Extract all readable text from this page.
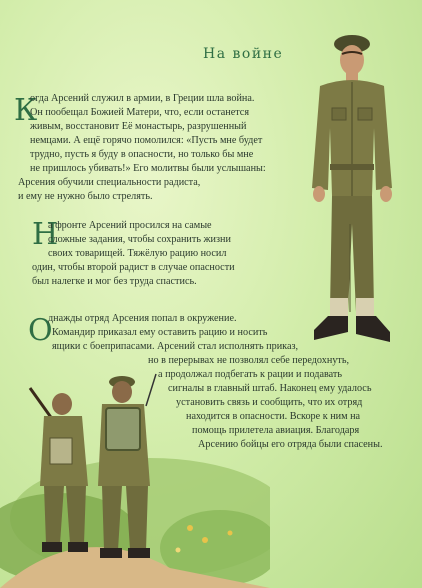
На войне
К
огда Арсений служил в армии, в Греции шла война.
Он пообещал Божией Матери, что, если останется
живым, восстановит Её монастырь, разрушенный
немцами. А ещё горячо помолился: «Пусть мне будет
трудно, пусть я буду в опасности, но только бы мне
не пришлось убивать!» Его молитвы были услышаны:
Арсения обучили специальности радиста,
и ему не нужно было стрелять.
Н
а фронте Арсений просился на самые
сложные задания, чтобы сохранить жизни
своих товарищей. Тяжёлую рацию носил
один, чтобы второй радист в случае опасности
был налегке и мог без труда спастись.
О
днажды отряд Арсения попал в окружение.
Командир приказал ему оставить рацию и носить
ящики с боеприпасами. Арсений стал исполнять приказ,
но в перерывах не позволял себе передохнуть,
а продолжал подбегать к рации и подавать
сигналы в главный штаб. Наконец ему удалось
установить связь и сообщить, что их отряд
находится в опасности. Вскоре к ним на
помощь прилетела авиация. Благодаря
Арсению бойцы его отряда были спасены.
